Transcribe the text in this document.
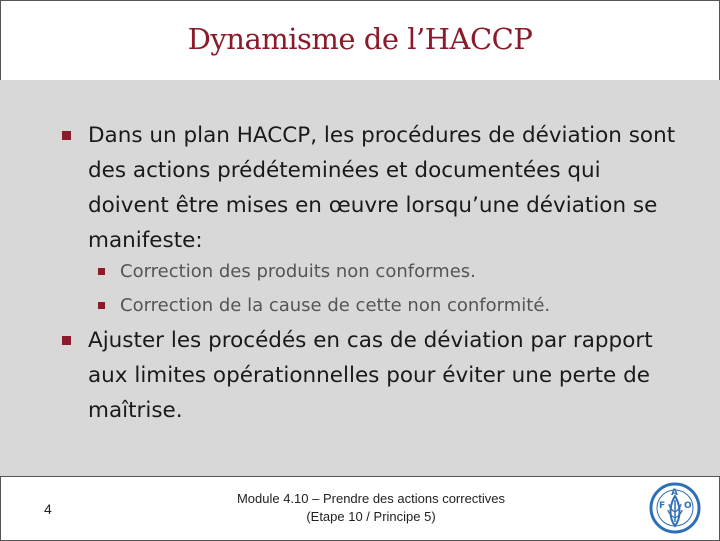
Dynamisme de l’HACCP
Dans un plan HACCP, les procédures de déviation sont des actions prédéteminées et documentées qui doivent être mises en œuvre lorsqu’une déviation se manifeste:
Correction des produits non conformes.
Correction de la cause de cette non conformité.
Ajuster les procédés en cas de déviation par rapport aux limites opérationnelles pour éviter une perte de maîtrise.
4
Module 4.10 – Prendre des actions correctives
(Etape 10 / Principe 5)
F
A
O
